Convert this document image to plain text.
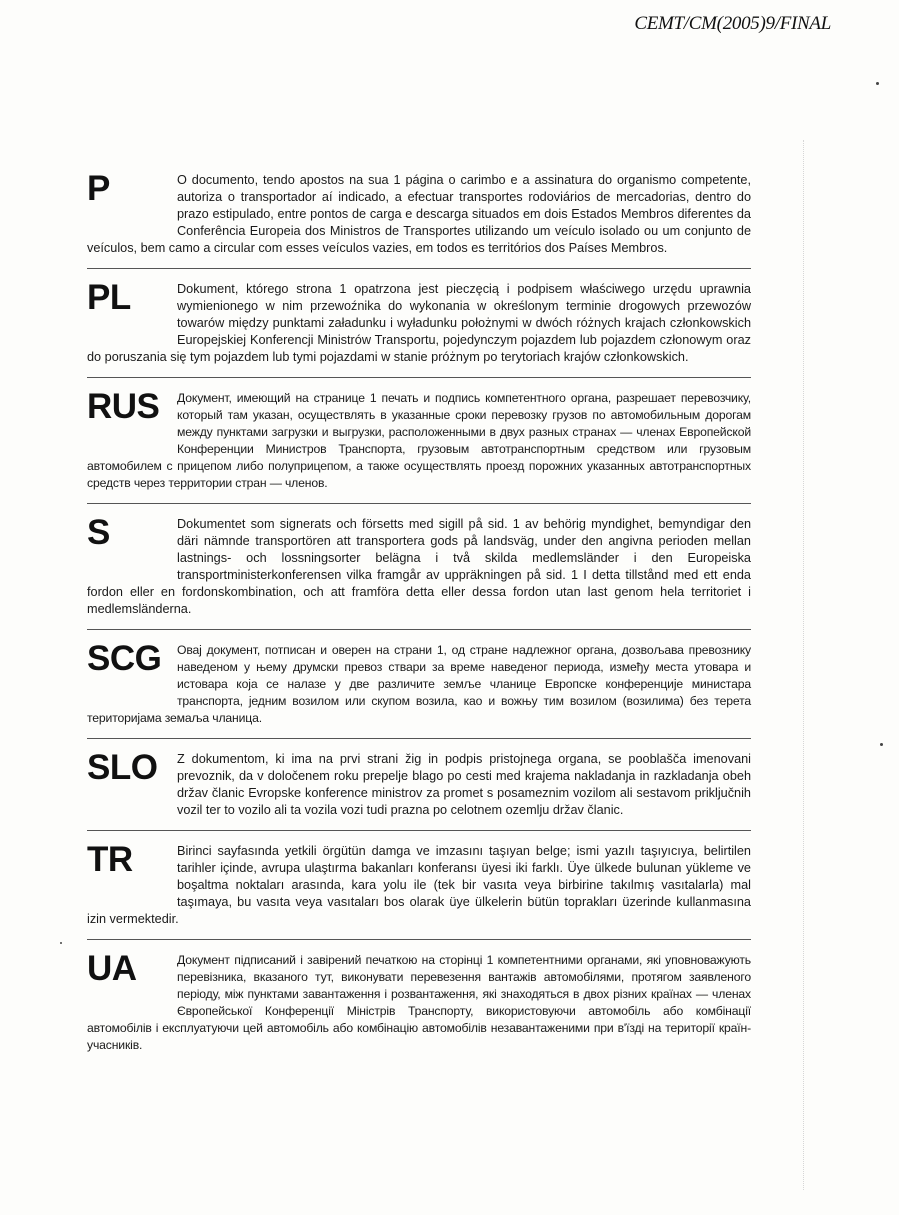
CEMT/CM(2005)9/FINAL
P	O documento, tendo apostos na sua 1 página o carimbo e a assinatura do organismo competente, autoriza o transportador aí indicado, a efectuar transportes rodoviários de mercadorias, dentro do prazo estipulado, entre pontos de carga e descarga situados em dois Estados Membros diferentes da Conferência Europeia dos Ministros de Transportes utilizando um veículo isolado ou um conjunto de veículos, bem camo a circular com esses veículos vazies, em todos es territórios dos Países Membros.

PL	Dokument, którego strona 1 opatrzona jest pieczęcią i podpisem właściwego urzędu uprawnia wymienionego w nim przewoźnika do wykonania w określonym terminie drogowych przewozów towarów między punktami załadunku i wyładunku położnymi w dwóch różnych krajach członkowskich Europejskiej Konferencji Ministrów Transportu, pojedynczym pojazdem lub pojazdem członowym oraz do poruszania się tym pojazdem lub tymi pojazdami w stanie próżnym po terytoriach krajów członkowskich.

RUS	Документ, имеющий на странице 1 печать и подпись компетентного органа, разрешает перевозчику, который там указан, осуществлять в указанные сроки перевозку грузов по автомобильным дорогам между пунктами загрузки и выгрузки, расположенными в двух разных странах — членах Европейской Конференции Министров Транспорта, грузовым автотранспортным средством или грузовым автомобилем с прицепом либо полуприцепом, а также осуществлять проезд порожних указанных автотранспортных средств через территории стран — членов.

S	Dokumentet som signerats och försetts med sigill på sid. 1 av behörig myndighet, bemyndigar den däri nämnde transportören att transportera gods på landsväg, under den angivna perioden mellan lastnings- och lossningsorter belägna i två skilda medlemsländer i den Europeiska transportministerkonferensen vilka framgår av uppräkningen på sid. 1 I detta tillstånd med ett enda fordon eller en fordonskombination, och att framföra detta eller dessa fordon utan last genom hela territoriet i medlemsländerna.

SCG	Овај документ, потписан и оверен на страни 1, од стране надлежног органа, дозвољава превознику наведеном у њему друмски превоз ствари за време наведеног периода, између места утовара и истовара која се налазе у две различите земље чланице Европске конференције министара транспорта, једним возилом или скупом возила, као и вожњу тим возилом (возилима) без терета територијама земаља чланица.

SLO	Z dokumentom, ki ima na prvi strani žig in podpis pristojnega organa, se pooblašča imenovani prevoznik, da v določenem roku prepelje blago po cesti med krajema nakladanja in razkladanja obeh držav članic Evropske konference ministrov za promet s posameznim vozilom ali sestavom priklјučnih vozil ter to vozilo ali ta vozila vozi tudi prazna po celotnem ozemlju držav članic.

TR	Birinci sayfasında yetkili örgütün damga ve imzasını taşıyan belge; ismi yazılı taşıyıcıya, belirtilen tarihler içinde, avrupa ulaştırma bakanları konferansı üyesi iki farklı. Üye ülkede bulunan yükleme ve boşaltma noktaları arasında, kara yolu ile (tek bir vasıta veya birbirine takılmış vasıtalarla) mal taşımaya, bu vasıta veya vasıtaları bos olarak üye ülkelerin bütün toprakları üzerinde kullanmasına izin vermektedir.

UA	Документ підписаний і завірений печаткою на сторінці 1 компетентними органами, які уповноважують перевізника, вказаного тут, виконувати перевезення вантажів автомобілями, протягом заявленого періоду, між пунктами завантаження і розвантаження, які знаходяться в двох різних країнах — членах Європейської Конференції Міністрів Транспорту, використовуючи автомобіль або комбінації автомобілів і експлуатуючи цей автомобіль або комбінацію автомобілів незавантаженими при в'їзді на території країн-учасників.
